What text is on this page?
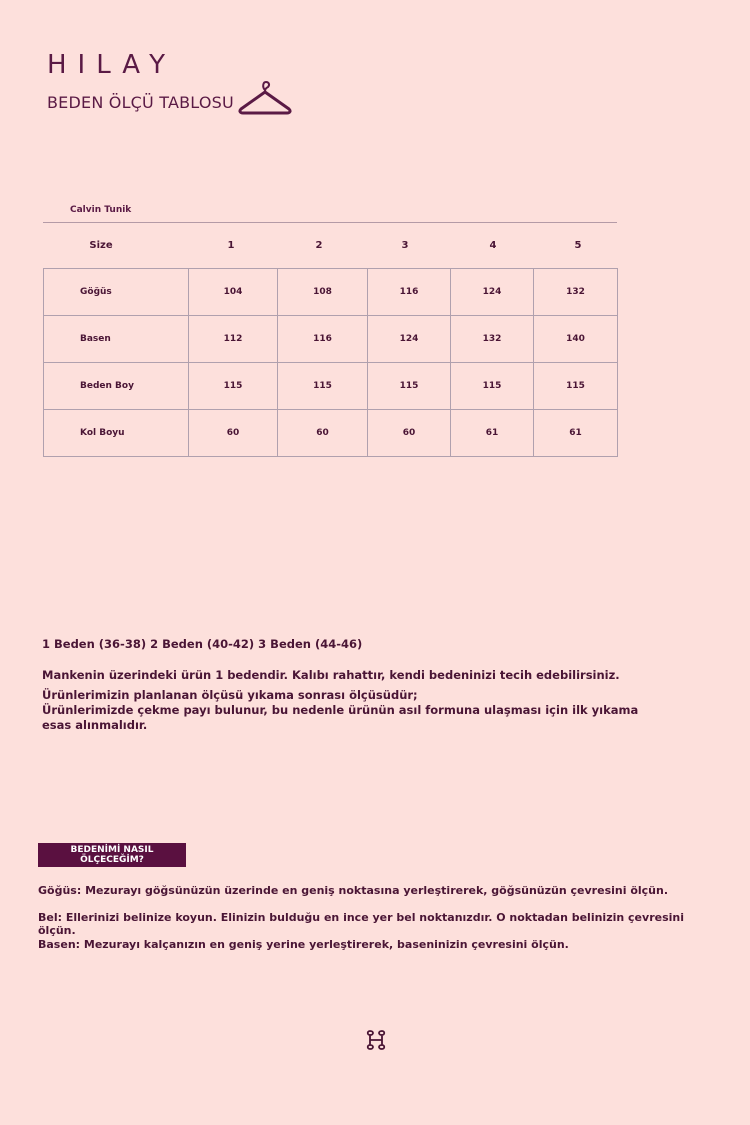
HILAY
BEDEN ÖLÇÜ TABLOSU
Calvin Tunik
Size	1	2	3	4	5
Göğüs	104	108	116	124	132
Basen	112	116	124	132	140
Beden Boy	115	115	115	115	115
Kol Boyu	60	60	60	61	61
1 Beden (36-38) 2 Beden (40-42) 3 Beden (44-46)
Mankenin üzerindeki ürün 1 bedendir. Kalıbı rahattır, kendi bedeninizi tecih edebilirsiniz.
Ürünlerimizin planlanan ölçüsü yıkama sonrası ölçüsüdür;
Ürünlerimizde çekme payı bulunur, bu nedenle ürünün asıl formuna ulaşması için ilk yıkama
esas alınmalıdır.
BEDENİMİ NASIL ÖLÇECEĞİM?
Göğüs: Mezurayı göğsünüzün üzerinde en geniş noktasına yerleştirerek, göğsünüzün çevresini ölçün.
Bel: Ellerinizi belinize koyun. Elinizin bulduğu en ince yer bel noktanızdır. O noktadan belinizin çevresini ölçün.
Basen: Mezurayı kalçanızın en geniş yerine yerleştirerek, baseninizin çevresini ölçün.
